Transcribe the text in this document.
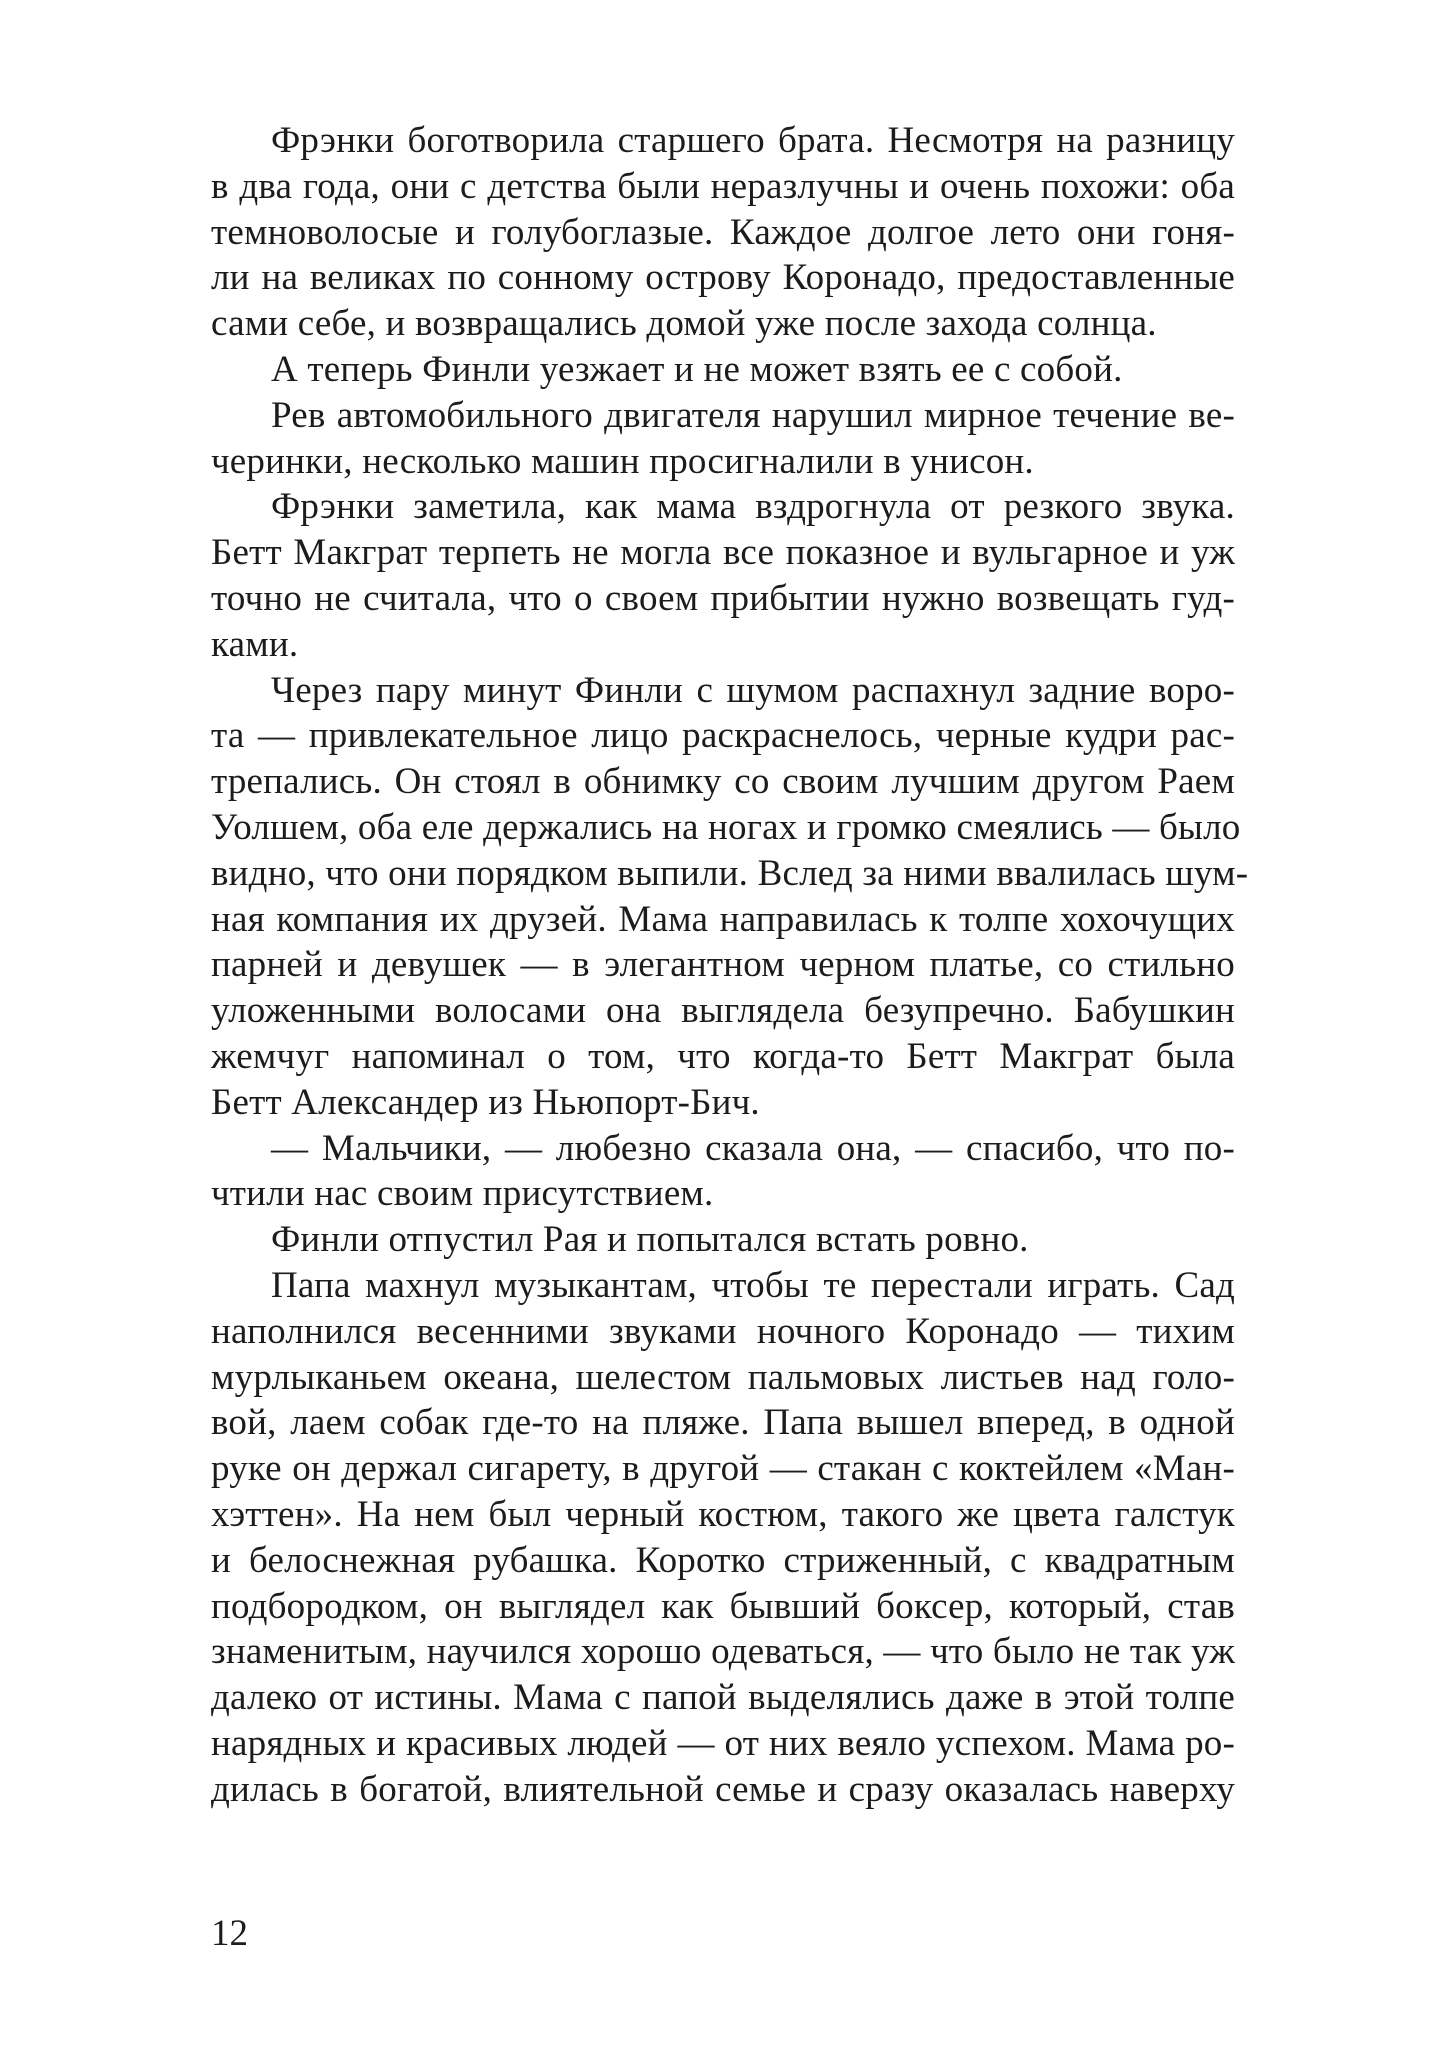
Фрэнки боготворила старшего брата. Несмотря на разницу
в два года, они с детства были неразлучны и очень похожи: оба
темноволосые и голубоглазые. Каждое долгое лето они гоня-
ли на великах по сонному острову Коронадо, предоставленные
сами себе, и возвращались домой уже после захода солнца.
А теперь Финли уезжает и не может взять ее с собой.
Рев автомобильного двигателя нарушил мирное течение ве-
черинки, несколько машин просигналили в унисон.
Фрэнки заметила, как мама вздрогнула от резкого звука.
Бетт Макграт терпеть не могла все показное и вульгарное и уж
точно не считала, что о своем прибытии нужно возвещать гуд-
ками.
Через пару минут Финли с шумом распахнул задние воро-
та — привлекательное лицо раскраснелось, черные кудри рас-
трепались. Он стоял в обнимку со своим лучшим другом Раем
Уолшем, оба еле держались на ногах и громко смеялись — было
видно, что они порядком выпили. Вслед за ними ввалилась шум-
ная компания их друзей. Мама направилась к толпе хохочущих
парней и девушек — в элегантном черном платье, со стильно
уложенными волосами она выглядела безупречно. Бабушкин
жемчуг напоминал о том, что когда-то Бетт Макграт была
Бетт Александер из Ньюпорт-Бич.
— Мальчики, — любезно сказала она, — спасибо, что по-
чтили нас своим присутствием.
Финли отпустил Рая и попытался встать ровно.
Папа махнул музыкантам, чтобы те перестали играть. Сад
наполнился весенними звуками ночного Коронадо — тихим
мурлыканьем океана, шелестом пальмовых листьев над голо-
вой, лаем собак где-то на пляже. Папа вышел вперед, в одной
руке он держал сигарету, в другой — стакан с коктейлем «Ман-
хэттен». На нем был черный костюм, такого же цвета галстук
и белоснежная рубашка. Коротко стриженный, с квадратным
подбородком, он выглядел как бывший боксер, который, став
знаменитым, научился хорошо одеваться, — что было не так уж
далеко от истины. Мама с папой выделялись даже в этой толпе
нарядных и красивых людей — от них веяло успехом. Мама ро-
дилась в богатой, влиятельной семье и сразу оказалась наверху
12
